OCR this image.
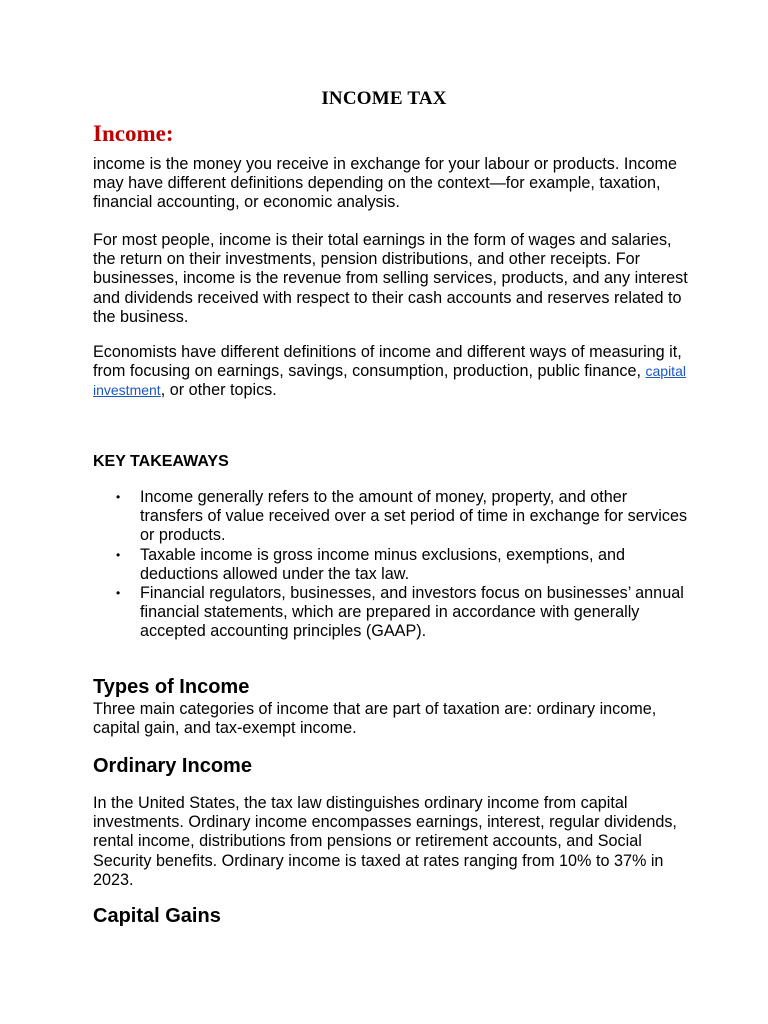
INCOME TAX
Income:

income is the money you receive in exchange for your labour or products. Income may have different definitions depending on the context—for example, taxation, financial accounting, or economic analysis.

For most people, income is their total earnings in the form of wages and salaries, the return on their investments, pension distributions, and other receipts. For businesses, income is the revenue from selling services, products, and any interest and dividends received with respect to their cash accounts and reserves related to the business.

Economists have different definitions of income and different ways of measuring it, from focusing on earnings, savings, consumption, production, public finance, capital investment, or other topics.

KEY TAKEAWAYS
• Income generally refers to the amount of money, property, and other transfers of value received over a set period of time in exchange for services or products.
• Taxable income is gross income minus exclusions, exemptions, and deductions allowed under the tax law.
• Financial regulators, businesses, and investors focus on businesses’ annual financial statements, which are prepared in accordance with generally accepted accounting principles (GAAP).
Types of Income

Three main categories of income that are part of taxation are: ordinary income, capital gain, and tax-exempt income.

Ordinary Income

In the United States, the tax law distinguishes ordinary income from capital investments. Ordinary income encompasses earnings, interest, regular dividends, rental income, distributions from pensions or retirement accounts, and Social Security benefits. Ordinary income is taxed at rates ranging from 10% to 37% in 2023.

Capital Gains
